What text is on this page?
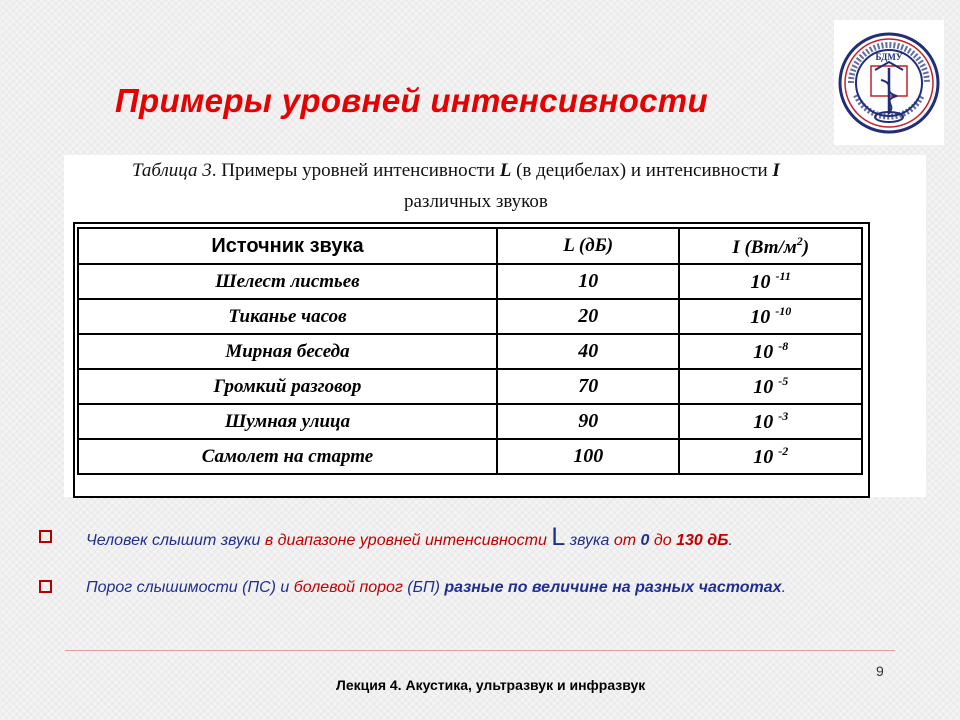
Примеры уровней интенсивности
БДМУ
Таблица 3. Примеры уровней интенсивности L (в децибелах) и интенсивности I
различных звуков
Источник звука	L (дБ)	I $(Вт/м^2)$
Шелест листьев	10	10 $^{-11}$
Тиканье часов	20	10 $^{-10}$
Мирная беседа	40	10 $^{-8}$
Громкий разговор	70	10 $^{-5}$
Шумная улица	90	10 $^{-3}$
Самолет на старте	100	10 $^{-2}$
Человек слышит звуки в диапазоне уровней интенсивности L звука от 0 до 130 дБ.
Порог слышимости (ПС) и болевой порог (БП) разные по величине на разных частотах.
9
Лекция 4. Акустика, ультразвук и инфразвук
